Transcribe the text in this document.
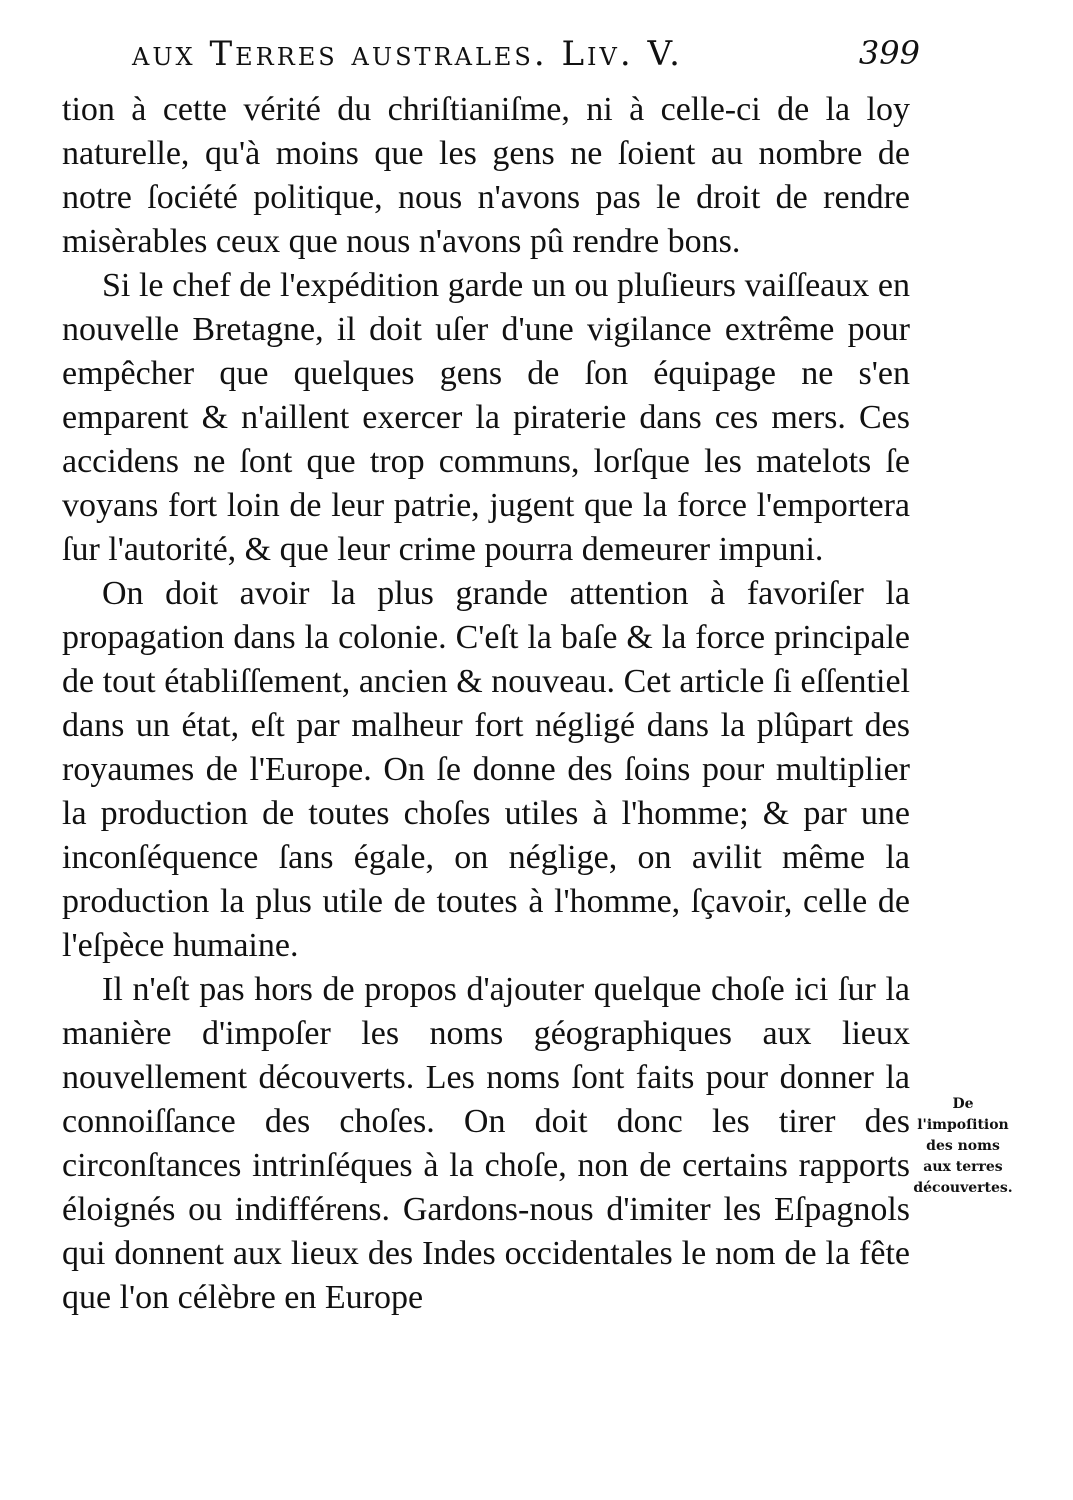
aux Terres australes. Liv. V.	399

tion à cette vérité du chriſtianiſme, ni à celle-ci de la loy naturelle, qu'à moins que les gens ne ſoient au nombre de notre ſociété politique, nous n'avons pas le droit de rendre misèrables ceux que nous n'avons pû rendre bons.

Si le chef de l'expédition garde un ou pluſieurs vaiſſeaux en nouvelle Bretagne, il doit uſer d'une vigilance extrême pour empêcher que quelques gens de ſon équipage ne s'en emparent & n'aillent exercer la piraterie dans ces mers. Ces accidens ne ſont que trop communs, lorſque les matelots ſe voyans fort loin de leur patrie, jugent que la force l'emportera ſur l'autorité, & que leur crime pourra demeurer impuni.

On doit avoir la plus grande attention à favoriſer la propagation dans la colonie. C'eſt la baſe & la force principale de tout établiſſement, ancien & nouveau. Cet article ſi eſſentiel dans un état, eſt par malheur fort négligé dans la plûpart des royaumes de l'Europe. On ſe donne des ſoins pour multiplier la production de toutes choſes utiles à l'homme; & par une inconſéquence ſans égale, on néglige, on avilit même la production la plus utile de toutes à l'homme, ſçavoir, celle de l'eſpèce humaine.

Il n'eſt pas hors de propos d'ajouter quelque choſe ici ſur la manière d'impoſer les noms géographiques aux lieux nouvellement découverts. Les noms ſont faits pour donner la connoiſſance des choſes. On doit donc les tirer des circonſtances intrinſéques à la choſe, non de certains rapports éloignés ou indifférens. Gardons-nous d'imiter les Eſpagnols qui donnent aux lieux des Indes occidentales le nom de la fête que l'on célèbre en Europe

De l'impoſition des noms aux terres découvertes.
